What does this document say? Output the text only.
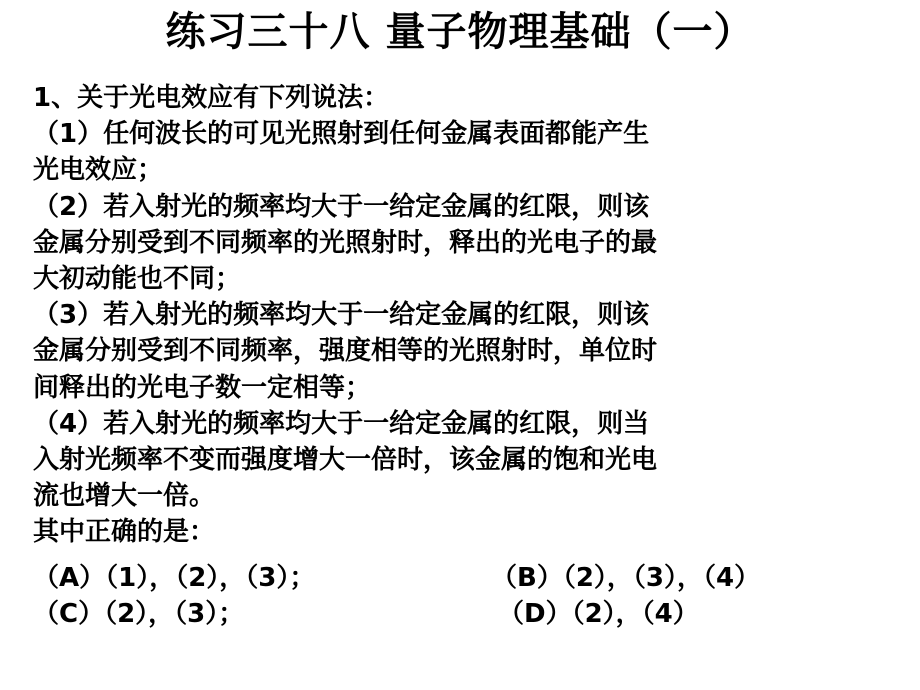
练习三十八 量子物理基础（一）
1、关于光电效应有下列说法：
（1）任何波长的可见光照射到任何金属表面都能产生
光电效应；
（2）若入射光的频率均大于一给定金属的红限，则该
金属分别受到不同频率的光照射时，释出的光电子的最
大初动能也不同；
（3）若入射光的频率均大于一给定金属的红限，则该
金属分别受到不同频率，强度相等的光照射时，单位时
间释出的光电子数一定相等；
（4）若入射光的频率均大于一给定金属的红限，则当
入射光频率不变而强度增大一倍时，该金属的饱和光电
流也增大一倍。
其中正确的是：
（A）（1），（2），（3）；	（B）（2），（3），（4）
（C）（2），（3）；	（D）（2），（4）
